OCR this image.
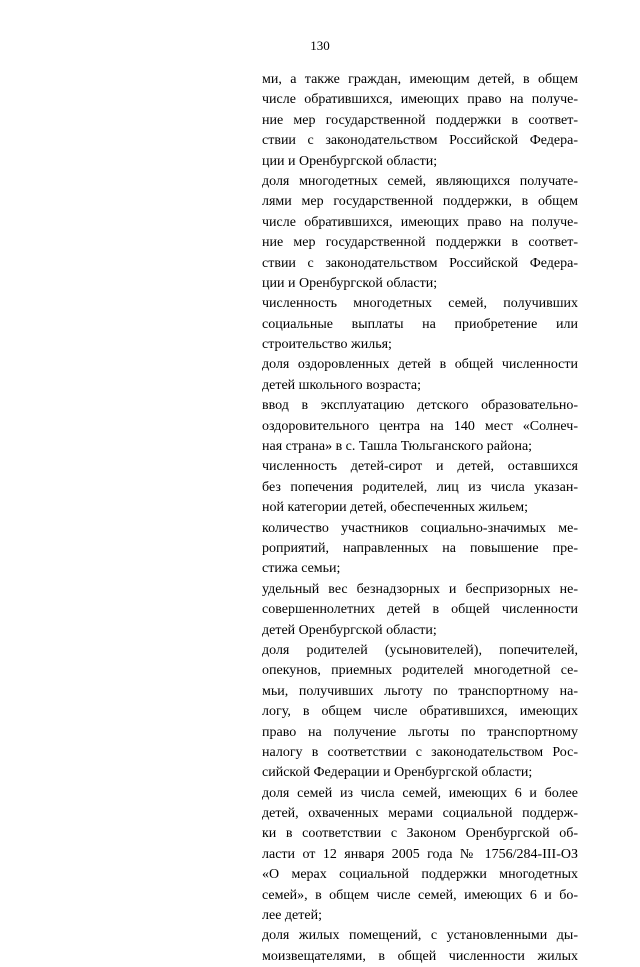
130
ми, а также граждан, имеющим детей, в общем
числе обратившихся, имеющих право на получе-
ние мер государственной поддержки в соответ-
ствии с законодательством Российской Федера-
ции и Оренбургской области;
доля многодетных семей, являющихся получате-
лями мер государственной поддержки, в общем
числе обратившихся, имеющих право на получе-
ние мер государственной поддержки в соответ-
ствии с законодательством Российской Федера-
ции и Оренбургской области;
численность многодетных семей, получивших
социальные выплаты на приобретение или
строительство жилья;
доля оздоровленных детей в общей численности
детей школьного возраста;
ввод в эксплуатацию детского образовательно-
оздоровительного центра на 140 мест «Солнеч-
ная страна» в с. Ташла Тюльганского района;
численность детей-сирот и детей, оставшихся
без попечения родителей, лиц из числа указан-
ной категории детей, обеспеченных жильем;
количество участников социально-значимых ме-
роприятий, направленных на повышение пре-
стижа семьи;
удельный вес безнадзорных и беспризорных не-
совершеннолетних детей в общей численности
детей Оренбургской области;
доля родителей (усыновителей), попечителей,
опекунов, приемных родителей многодетной се-
мьи, получивших льготу по транспортному на-
логу, в общем числе обратившихся, имеющих
право на получение льготы по транспортному
налогу в соответствии с законодательством Рос-
сийской Федерации и Оренбургской области;
доля семей из числа семей, имеющих 6 и более
детей, охваченных мерами социальной поддерж-
ки в соответствии с Законом Оренбургской об-
ласти от 12 января 2005 года № 1756/284-III-ОЗ
«О мерах социальной поддержки многодетных
семей», в общем числе семей, имеющих 6 и бо-
лее детей;
доля жилых помещений, с установленными ды-
моизвещателями, в общей численности жилых
